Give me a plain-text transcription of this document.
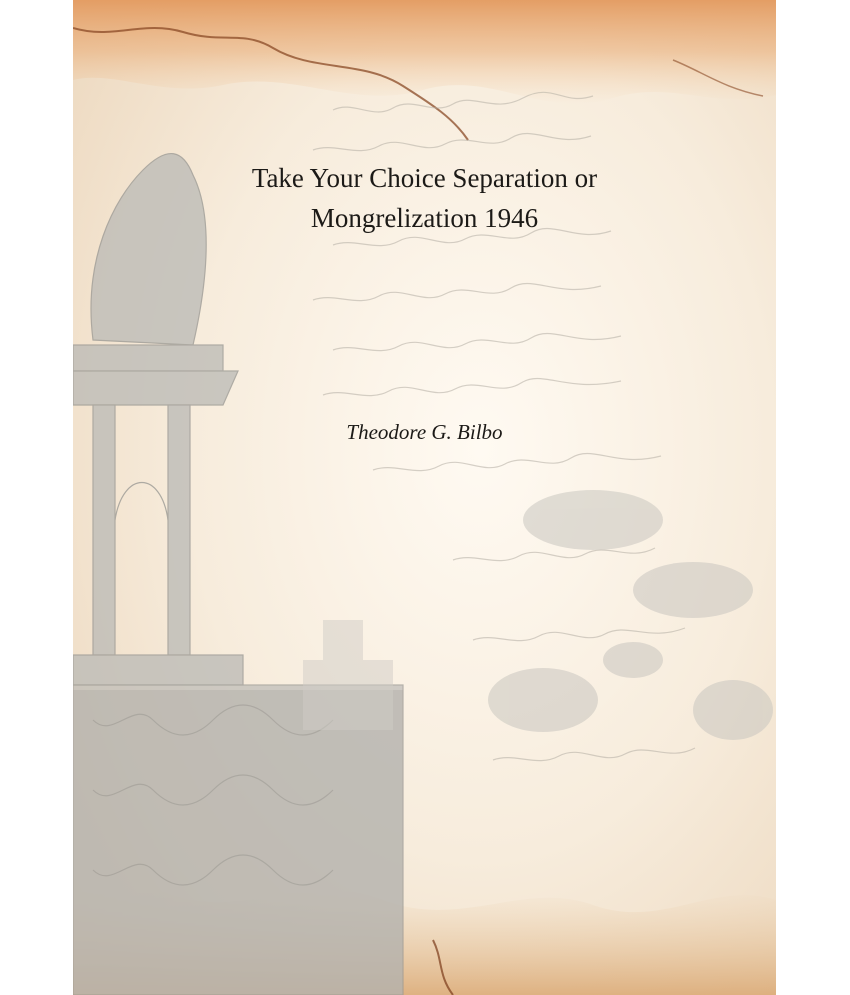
Take Your Choice Separation or
Mongrelization 1946
Theodore G. Bilbo
